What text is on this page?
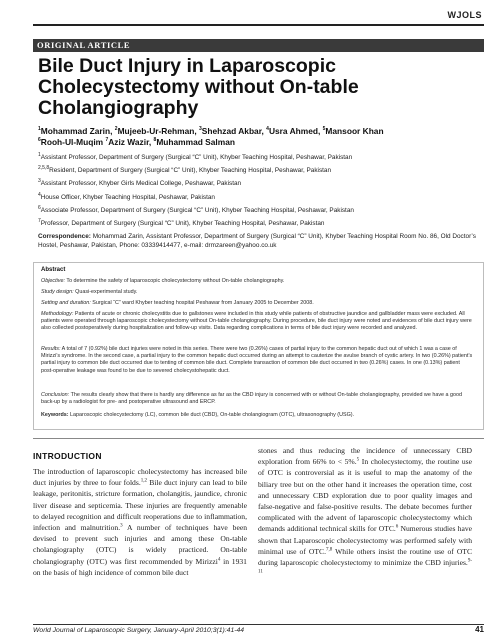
WJOLS
ORIGINAL ARTICLE
Bile Duct Injury in Laparoscopic Cholecystectomy without On-table Cholangiography
$^1$Mohammad Zarin, $^2$Mujeeb-Ur-Rehman, $^3$Shehzad Akbar, $^4$Usra Ahmed, $^5$Mansoor Khan
$^6$Rooh-Ul-Muqim $^7$Aziz Wazir, $^8$Muhammad Salman
$^1$Assistant Professor, Department of Surgery (Surgical “C” Unit), Khyber Teaching Hospital, Peshawar, Pakistan
$^{2,5,8}$Resident, Department of Surgery (Surgical “C” Unit), Khyber Teaching Hospital, Peshawar, Pakistan
$^3$Assistant Professor, Khyber Girls Medical College, Peshawar, Pakistan
$^4$House Officer, Khyber Teaching Hospital, Peshawar, Pakistan
$^6$Associate Professor, Department of Surgery (Surgical “C” Unit), Khyber Teaching Hospital, Peshawar, Pakistan
$^7$Professor, Department of Surgery (Surgical “C” Unit), Khyber Teaching Hospital, Peshawar, Pakistan

Correspondence: Mohammad Zarin, Assistant Professor, Department of Surgery (Surgical “C” Unit), Khyber Teaching Hospital Room No. 86, Old Doctor’s Hostel, Peshawar, Pakistan, Phone: 03339414477, e-mail: drmzareen@yahoo.co.uk

Abstract

Objective: To determine the safety of laparoscopic cholecystectomy without On-table cholangiography.

Study design: Quasi-experimental study.

Setting and duration: Surgical “C” ward Khyber teaching hospital Peshawar from January 2005 to December 2008.

Methodology: Patients of acute or chronic cholecystitis due to gallstones were included in this study while patients of obstructive jaundice and gallbladder mass were excluded. All patients were operated through laparoscopic cholecystectomy without On-table cholangiography. During procedure, bile duct injury were noted and evidences of bile duct injury were also collected postoperatively during hospitalization and follow-up visits. Data regarding complications in terms of bile duct injury were recorded and analyzed.

Results: A total of 7 (0.92%) bile duct injuries were noted in this series. There were two (0.26%) cases of partial injury to the common hepatic duct out of which 1 was a case of Mirizzi’s syndrome. In the second case, a partial injury to the common hepatic duct occurred during an attempt to cauterize the avulse branch of cystic artery. In two (0.26%) patient’s partial injury to common bile duct occurred due to tenting of common bile duct. Complete transaction of common bile duct occurred in two (0.26%) cases. In one (0.13%) patient post-operative leakage was found to be due to severed cholecystohepatic duct.

Conclusion: The results clearly show that there is hardly any difference as far as the CBD injury is concerned with or without On-table cholangiography, provided we have a good back-up by a radiologist for pre- and postoperative ultrasound and ERCP.

Keywords: Laparoscopic cholecystectomy (LC), common bile duct (CBD), On-table cholangiogram (OTC), ultrasonography (USG).

INTRODUCTION

The introduction of laparoscopic cholecystectomy has increased bile duct injuries by three to four folds.$^{1,2}$ Bile duct injury can lead to bile leakage, peritonitis, stricture formation, cholangitis, jaundice, chronic liver disease and septicemia. These injuries are frequently amenable to delayed recognition and difficult reoperations due to inflammation, infection and malnutrition.$^3$ A number of techniques have been devised to prevent such injuries and among these On-table cholangiography (OTC) is widely practiced. On-table cholangiography (OTC) was first recommended by Mirizzi$^4$ in 1931 on the basis of high incidence of common bile duct

stones and thus reducing the incidence of unnecessary CBD exploration from 66% to < 5%.$^5$ In cholecystectomy, the routine use of OTC is controversial as it is useful to map the anatomy of the biliary tree but on the other hand it increases the operation time, cost and unnecessary CBD exploration due to poor quality images and false-negative and false-positive results. The debate becomes further complicated with the advent of laparoscopic cholecystectomy which demands additional technical skills for OTC.$^6$ Numerous studies have shown that Laparoscopic cholecystectomy was performed safely with minimal use of OTC.$^{7,8}$ While others insist the routine use of OTC during laparoscopic cholecystectomy to minimize the CBD injuries.$^{9-11}$

World Journal of Laparoscopic Surgery, January-April 2010;3(1):41-44	41
